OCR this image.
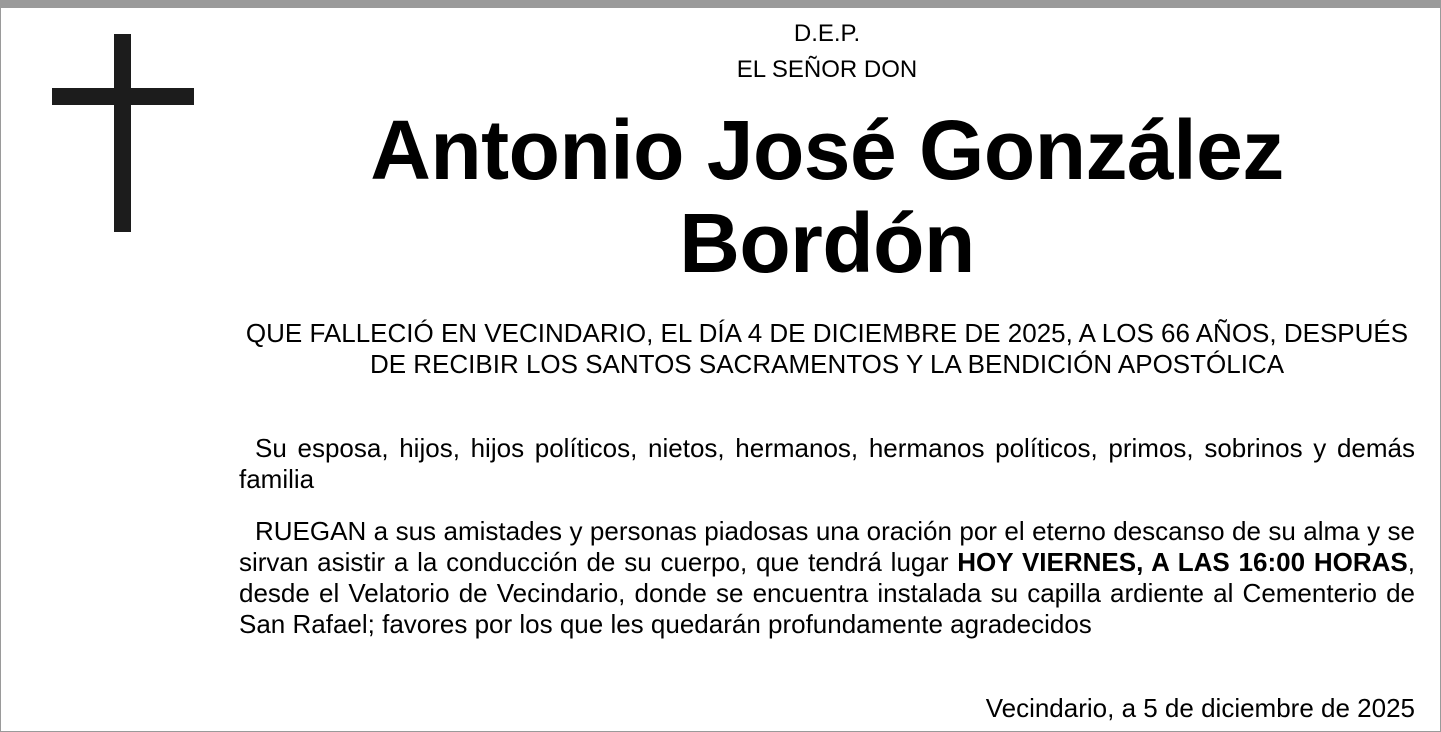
D.E.P.
EL SEÑOR DON
Antonio José González
Bordón
QUE FALLECIÓ EN VECINDARIO, EL DÍA 4 DE DICIEMBRE DE 2025, A LOS 66 AÑOS, DESPUÉS DE RECIBIR LOS SANTOS SACRAMENTOS Y LA BENDICIÓN APOSTÓLICA
Su esposa, hijos, hijos políticos, nietos, hermanos, hermanos políticos, primos, sobrinos y demás familia
RUEGAN a sus amistades y personas piadosas una oración por el eterno descanso de su alma y se sirvan asistir a la conducción de su cuerpo, que tendrá lugar HOY VIERNES, A LAS 16:00 HORAS, desde el Velatorio de Vecindario, donde se encuentra instalada su capilla ardiente al Cementerio de San Rafael; favores por los que les quedarán profundamente agradecidos
Vecindario, a 5 de diciembre de 2025
